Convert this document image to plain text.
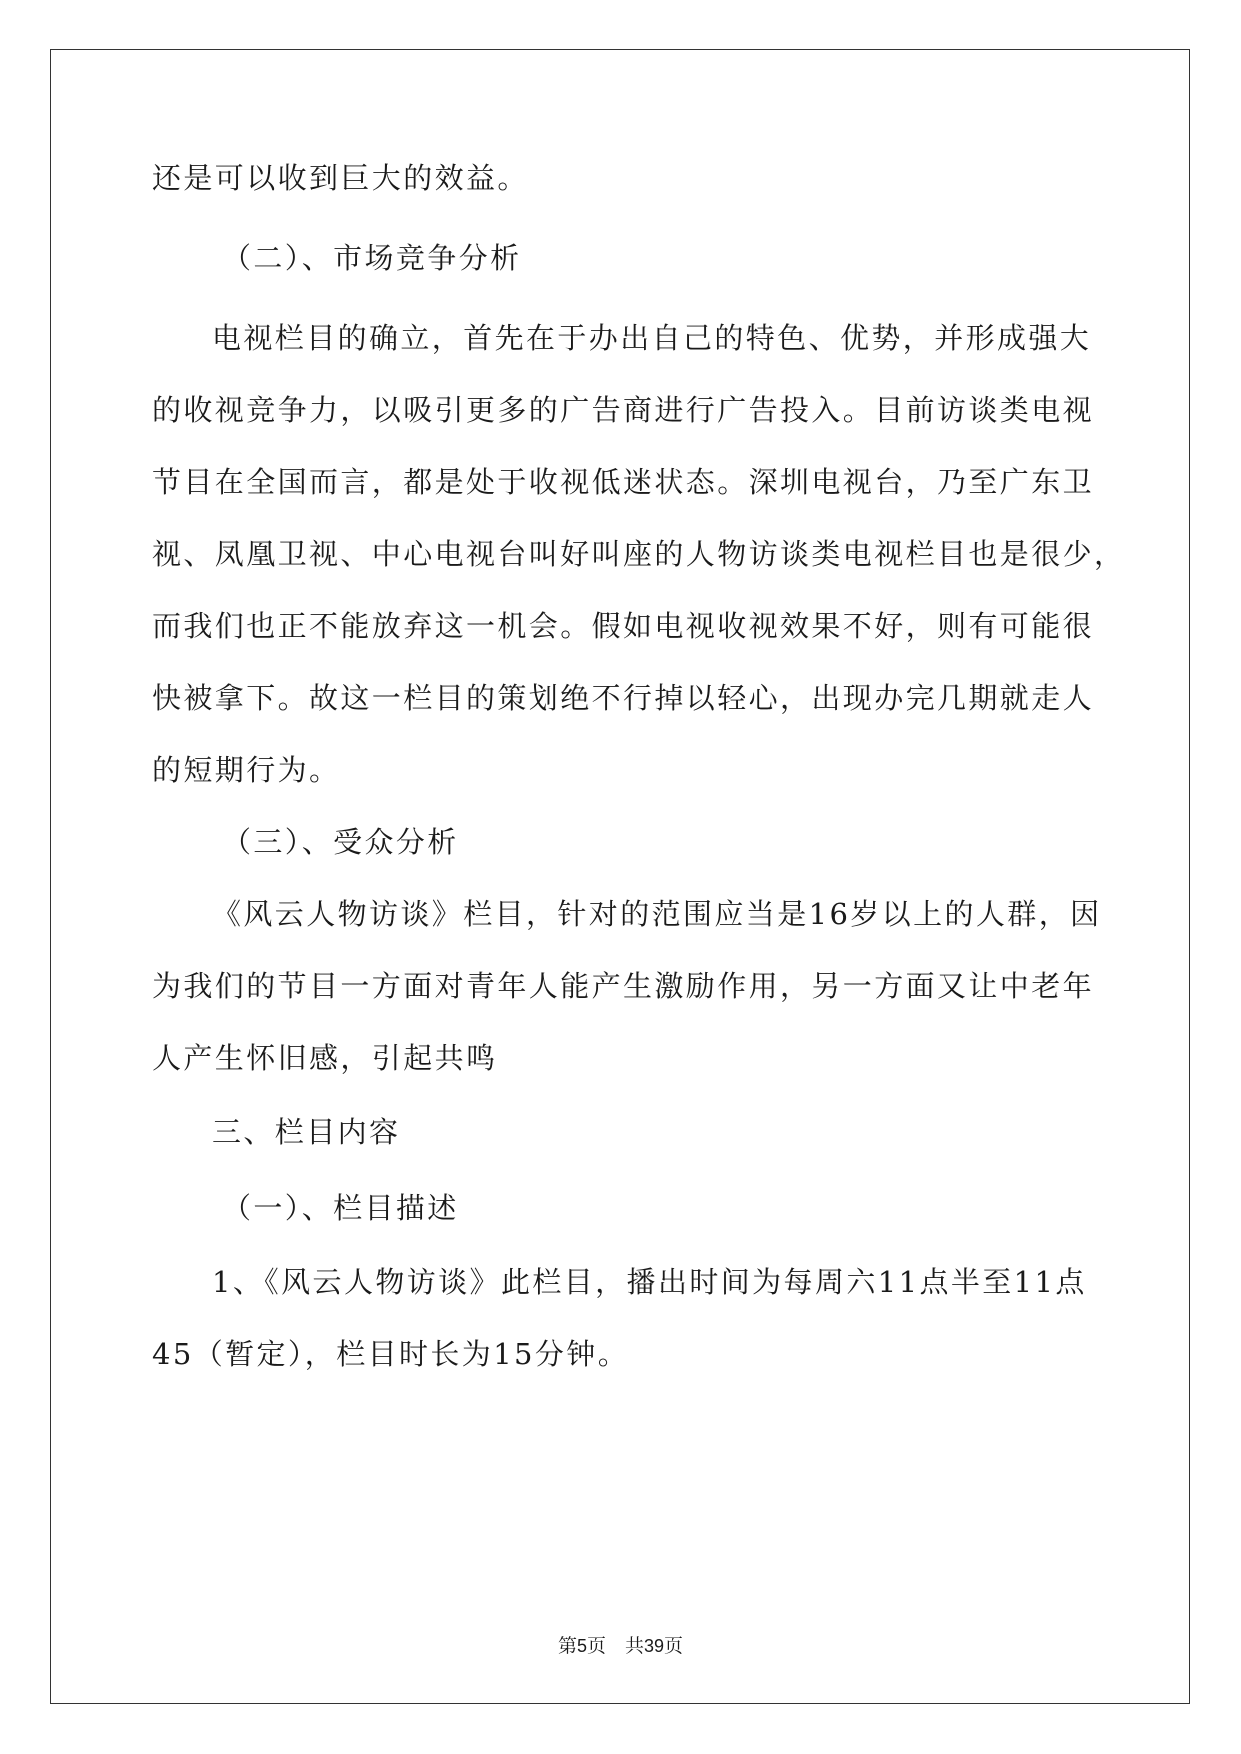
还是可以收到巨大的效益。
（二）、市场竞争分析
电视栏目的确立，首先在于办出自己的特色、优势，并形成强大
的收视竞争力，以吸引更多的广告商进行广告投入。目前访谈类电视
节目在全国而言，都是处于收视低迷状态。深圳电视台，乃至广东卫
视、凤凰卫视、中心电视台叫好叫座的人物访谈类电视栏目也是很少，
而我们也正不能放弃这一机会。假如电视收视效果不好，则有可能很
快被拿下。故这一栏目的策划绝不行掉以轻心，出现办完几期就走人
的短期行为。
（三）、受众分析
《风云人物访谈》栏目，针对的范围应当是16岁以上的人群，因
为我们的节目一方面对青年人能产生激励作用，另一方面又让中老年
人产生怀旧感，引起共鸣
三、栏目内容
（一）、栏目描述
1、《风云人物访谈》此栏目，播出时间为每周六11点半至11点
45（暂定），栏目时长为15分钟。
第5页　共39页
